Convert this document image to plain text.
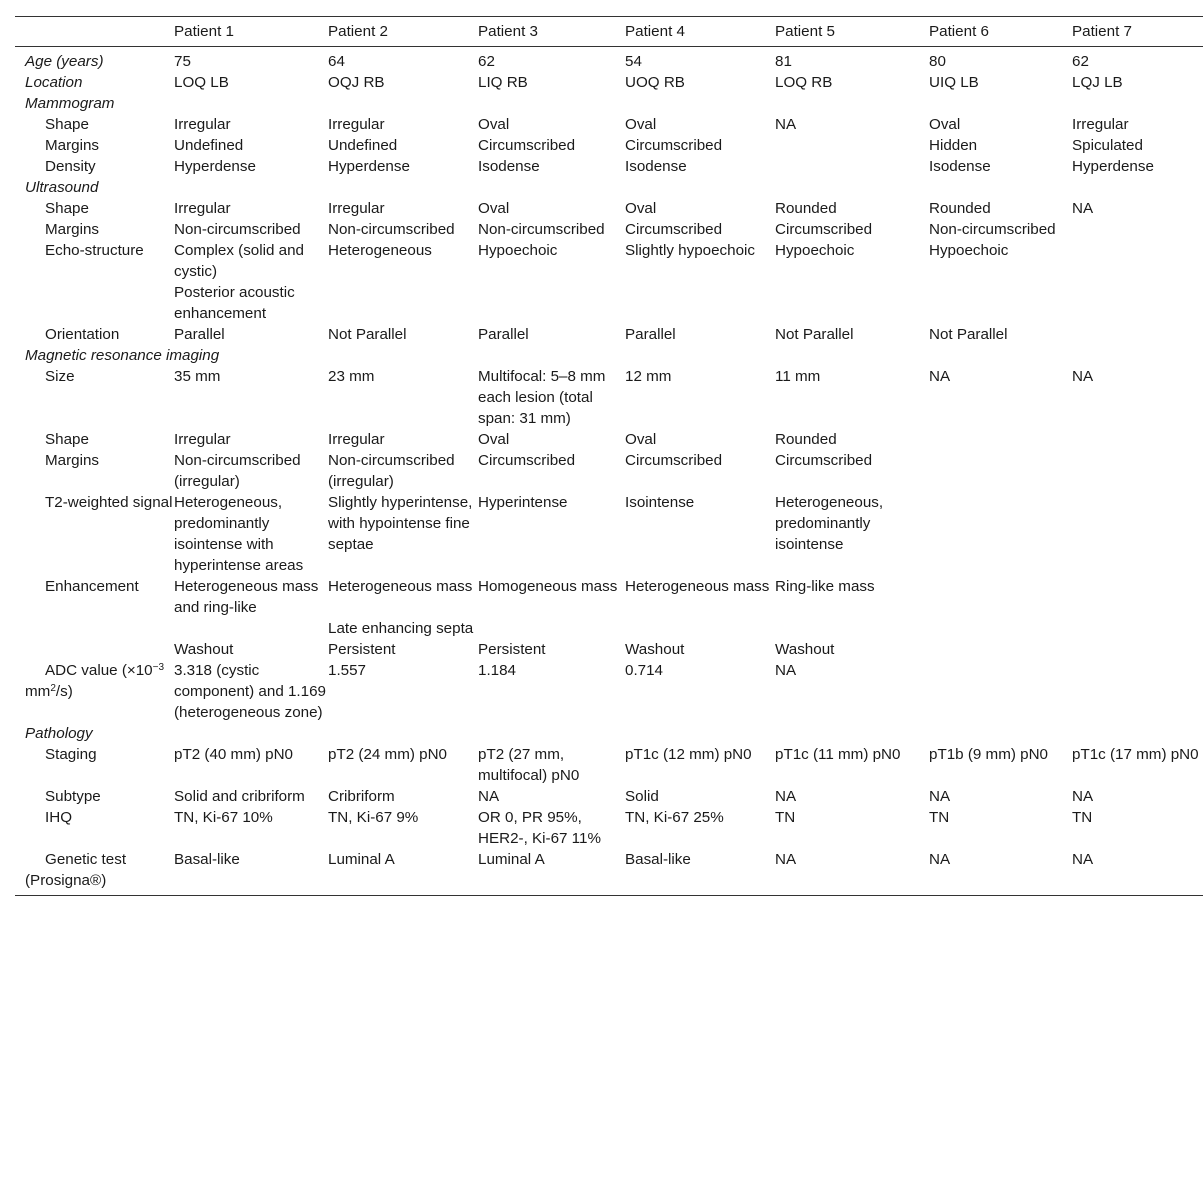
	Patient 1	Patient 2	Patient 3	Patient 4	Patient 5	Patient 6	Patient 7
Age (years)	75	64	62	54	81	80	62
Location	LOQ LB	OQJ RB	LIQ RB	UOQ RB	LOQ RB	UIQ LB	LQJ LB
Mammogram							
Shape	Irregular	Irregular	Oval	Oval	NA	Oval	Irregular
Margins	Undefined	Undefined	Circumscribed	Circumscribed		Hidden	Spiculated
Density	Hyperdense	Hyperdense	Isodense	Isodense		Isodense	Hyperdense
Ultrasound							
Shape	Irregular	Irregular	Oval	Oval	Rounded	Rounded	NA
Margins	Non-circumscribed	Non-circumscribed	Non-circumscribed	Circumscribed	Circumscribed	Non-circumscribed	
Echo-structure	Complex (solid and cystic)	Heterogeneous	Hypoechoic	Slightly hypoechoic	Hypoechoic	Hypoechoic	
	Posterior acoustic enhancement						
Orientation	Parallel	Not Parallel	Parallel	Parallel	Not Parallel	Not Parallel	
Magnetic resonance imaging							
Size	35 mm	23 mm	Multifocal: 5–8 mm each lesion (total span: 31 mm)	12 mm	11 mm	NA	NA
Shape	Irregular	Irregular	Oval	Oval	Rounded		
Margins	Non-circumscribed (irregular)	Non-circumscribed (irregular)	Circumscribed	Circumscribed	Circumscribed		
T2-weighted signal	Heterogeneous, predominantly isointense with hyperintense areas	Slightly hyperintense, with hypointense fine septae	Hyperintense	Isointense	Heterogeneous, predominantly isointense		
Enhancement	Heterogeneous mass and ring-like	Heterogeneous mass	Homogeneous mass	Heterogeneous mass	Ring-like mass		
		Late enhancing septa					
	Washout	Persistent	Persistent	Washout	Washout		
ADC value ($\times 10^{-3}$ $mm^2/s$)	3.318 (cystic component) and 1.169 (heterogeneous zone)	1.557	1.184	0.714	NA		
Pathology							
Staging	pT2 (40 mm) pN0	pT2 (24 mm) pN0	pT2 (27 mm, multifocal) pN0	pT1c (12 mm) pN0	pT1c (11 mm) pN0	pT1b (9 mm) pN0	pT1c (17 mm) pN0
Subtype	Solid and cribriform	Cribriform	NA	Solid	NA	NA	NA
IHQ	TN, Ki-67 10%	TN, Ki-67 9%	OR 0, PR 95%, HER2-, Ki-67 11%	TN, Ki-67 25%	TN	TN	TN
Genetic test (Prosigna®)	Basal-like	Luminal A	Luminal A	Basal-like	NA	NA	NA
